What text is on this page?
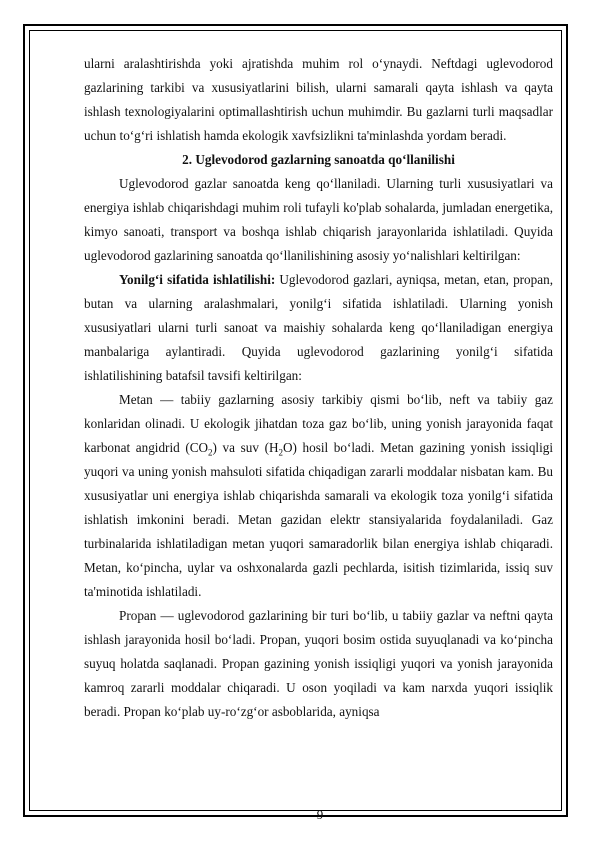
ularni aralashtirishda yoki ajratishda muhim rol o‘ynaydi. Neftdagi uglevodorod gazlarining tarkibi va xususiyatlarini bilish, ularni samarali qayta ishlash va qayta ishlash texnologiyalarini optimallashtirish uchun muhimdir. Bu gazlarni turli maqsadlar uchun to‘g‘ri ishlatish hamda ekologik xavfsizlikni ta'minlashda yordam beradi.

2. Uglevodorod gazlarning sanoatda qo‘llanilishi

Uglevodorod gazlar sanoatda keng qo‘llaniladi. Ularning turli xususiyatlari va energiya ishlab chiqarishdagi muhim roli tufayli ko'plab sohalarda, jumladan energetika, kimyo sanoati, transport va boshqa ishlab chiqarish jarayonlarida ishlatiladi. Quyida uglevodorod gazlarining sanoatda qo‘llanilishining asosiy yo‘nalishlari keltirilgan:

Yonilg‘i sifatida ishlatilishi: Uglevodorod gazlari, ayniqsa, metan, etan, propan, butan va ularning aralashmalari, yonilg‘i sifatida ishlatiladi. Ularning yonish xususiyatlari ularni turli sanoat va maishiy sohalarda keng qo‘llaniladigan energiya manbalariga aylantiradi. Quyida uglevodorod gazlarining yonilg‘i sifatida ishlatilishining batafsil tavsifi keltirilgan:

Metan — tabiiy gazlarning asosiy tarkibiy qismi bo‘lib, neft va tabiiy gaz konlaridan olinadi. U ekologik jihatdan toza gaz bo‘lib, uning yonish jarayonida faqat karbonat angidrid $(CO_2)$ va suv $(H_2O)$ hosil bo‘ladi. Metan gazining yonish issiqligi yuqori va uning yonish mahsuloti sifatida chiqadigan zararli moddalar nisbatan kam. Bu xususiyatlar uni energiya ishlab chiqarishda samarali va ekologik toza yonilg‘i sifatida ishlatish imkonini beradi. Metan gazidan elektr stansiyalarida foydalaniladi. Gaz turbinalarida ishlatiladigan metan yuqori samaradorlik bilan energiya ishlab chiqaradi. Metan, ko‘pincha, uylar va oshxonalarda gazli pechlarda, isitish tizimlarida, issiq suv ta'minotida ishlatiladi.

Propan — uglevodorod gazlarining bir turi bo‘lib, u tabiiy gazlar va neftni qayta ishlash jarayonida hosil bo‘ladi. Propan, yuqori bosim ostida suyuqlanadi va ko‘pincha suyuq holatda saqlanadi. Propan gazining yonish issiqligi yuqori va yonish jarayonida kamroq zararli moddalar chiqaradi. U oson yoqiladi va kam narxda yuqori issiqlik beradi. Propan ko‘plab uy-ro‘zg‘or asboblarida, ayniqsa

9
